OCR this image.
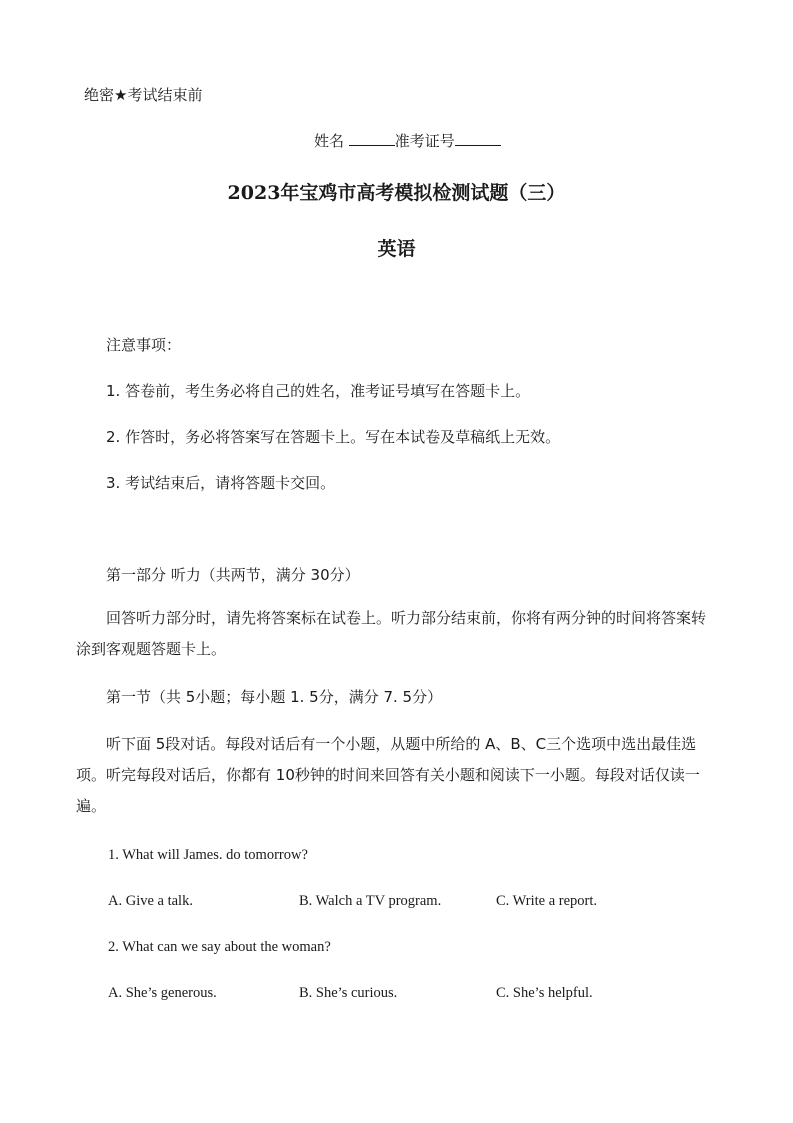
绝密★考试结束前
姓名	准考证号
2023年宝鸡市高考模拟检测试题（三）
英语
注意事项：
1. 答卷前，考生务必将自己的姓名，准考证号填写在答题卡上。
2. 作答时，务必将答案写在答题卡上。写在本试卷及草稿纸上无效。
3. 考试结束后，请将答题卡交回。
第一部分 听力（共两节，满分 30分）
回答听力部分时，请先将答案标在试卷上。听力部分结束前，你将有两分钟的时间将答案转涂到客观题答题卡上。
第一节（共 5小题；每小题 1. 5分，满分 7. 5分）
听下面 5段对话。每段对话后有一个小题，从题中所给的 A、B、C三个选项中选出最佳选项。听完每段对话后，你都有 10秒钟的时间来回答有关小题和阅读下一小题。每段对话仅读一遍。
1. What will James. do tomorrow?
A. Give a talk.	B. Walch a TV program.	C. Write a report.
2. What can we say about the woman?
A. She’s generous.	B. She’s curious.	C. She’s helpful.
